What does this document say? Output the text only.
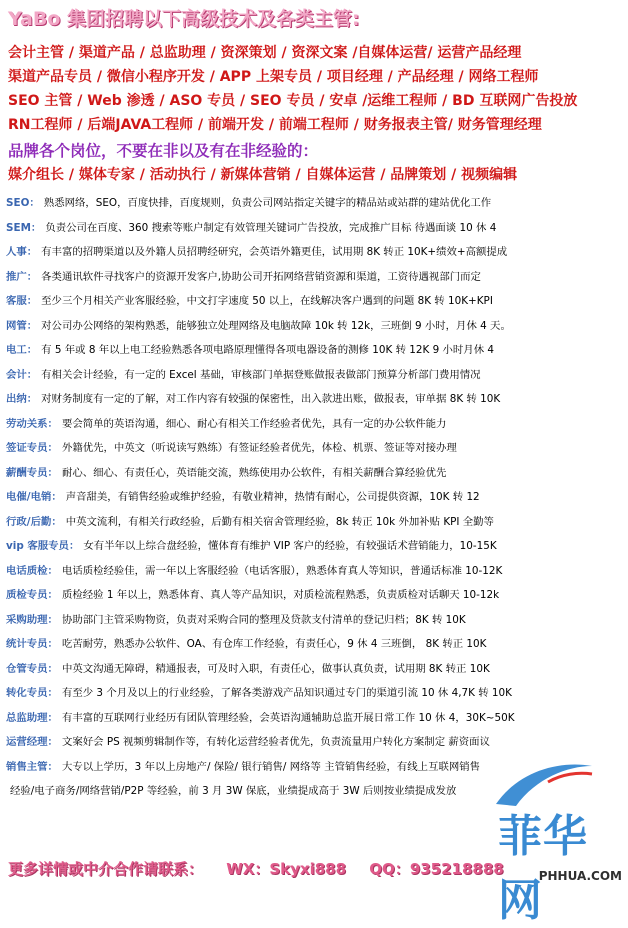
YaBo 集团招聘以下高级技术及各类主管:
会计主管 / 渠道产品 / 总监助理 / 资深策划 / 资深文案 /自媒体运营/ 运营产品经理
渠道产品专员 / 微信小程序开发 / APP 上架专员 / 项目经理 / 产品经理 / 网络工程师
SEO 主管 / Web 渗透 / ASO 专员 / SEO 专员 / 安卓 /运维工程师 / BD 互联网广告投放
RN工程师 / 后端JAVA工程师 / 前端开发 / 前端工程师 / 财务报表主管/ 财务管理经理
品牌各个岗位，不要在非以及有在非经验的：
媒介组长 / 媒体专家 / 活动执行 / 新媒体营销 / 自媒体运营 / 品牌策划 / 视频编辑
SEO： 熟悉网络，SEO，百度快排，百度规则，负责公司网站指定关键字的精品站或站群的建站优化工作
SEM： 负责公司在百度、360 搜索等账户制定有效管理关键词广告投放，完成推广目标 待遇面谈 10 休 4
人事： 有丰富的招聘渠道以及外籍人员招聘经研究，会英语外籍更佳，试用期 8K 转正 10K+绩效+高额提成
推广： 各类通讯软件寻找客户的资源开发客户,协助公司开拓网络营销资源和渠道，工资待遇视部门而定
客服： 至少三个月相关产业客服经验，中文打字速度 50 以上，在线解决客户遇到的问题 8K 转 10K+KPI
网管： 对公司办公网络的架构熟悉，能够独立处理网络及电脑故障 10k 转 12k，三班倒 9 小时，月休 4 天。
电工： 有 5 年或 8 年以上电工经验熟悉各项电路原理懂得各项电器设备的测修 10K 转 12K 9 小时月休 4
会计： 有相关会计经验，有一定的 Excel 基础，审核部门单据登账做报表做部门预算分析部门费用情况
出纳： 对财务制度有一定的了解，对工作内容有较强的保密性，出入款进出账，做报表，审单据 8K 转 10K
劳动关系： 要会简单的英语沟通，细心、耐心有相关工作经验者优先，具有一定的办公软件能力
签证专员： 外籍优先，中英文（听说读写熟练）有签证经验者优先，体检、机票、签证等对接办理
薪酬专员： 耐心、细心、有责任心，英语能交流，熟练使用办公软件，有相关薪酬合算经验优先
电催/电销： 声音甜美，有销售经验或维护经验，有敬业精神，热情有耐心，公司提供资源，10K 转 12
行政/后勤： 中英文流利，有相关行政经验，后勤有相关宿舍管理经验，8k 转正 10k 外加补贴 KPI 全勤等
vip 客服专员： 女有半年以上综合盘经验，懂体育有维护 VIP 客户的经验，有较强话术营销能力，10-15K
电话质检： 电话质检经验佳，需一年以上客服经验（电话客服），熟悉体育真人等知识，普通话标准 10-12K
质检专员： 质检经验 1 年以上，熟悉体育、真人等产品知识，对质检流程熟悉，负责质检对话聊天 10-12k
采购助理： 协助部门主管采购物资，负责对采购合同的整理及贷款支付清单的登记归档；8K 转 10K
统计专员： 吃苦耐劳，熟悉办公软件、OA、有仓库工作经验，有责任心，9 休 4 三班倒， 8K 转正 10K
仓管专员： 中英文沟通无障碍，精通报表，可及时入职，有责任心，做事认真负责，试用期 8K 转正 10K
转化专员： 有至少 3 个月及以上的行业经验，了解各类游戏产品知识通过专门的渠道引流 10 休 4,7K 转 10K
总监助理： 有丰富的互联网行业经历有团队管理经验，会英语沟通辅助总监开展日常工作 10 休 4，30K~50K
运营经理： 文案好会 PS 视频剪辑制作等，有转化运营经验者优先，负责流量用户转化方案制定 薪资面议
销售主管： 大专以上学历，3 年以上房地产/ 保险/ 银行销售/ 网络等 主管销售经验，有线上互联网销售
经验/电子商务/网络营销/P2P 等经验，前 3 月 3W 保底，业绩提成高于 3W 后则按业绩提成发放
更多详情或中介合作请联系： WX：Skyxi888 QQ：935218888
菲华网
PHHUA.COM
